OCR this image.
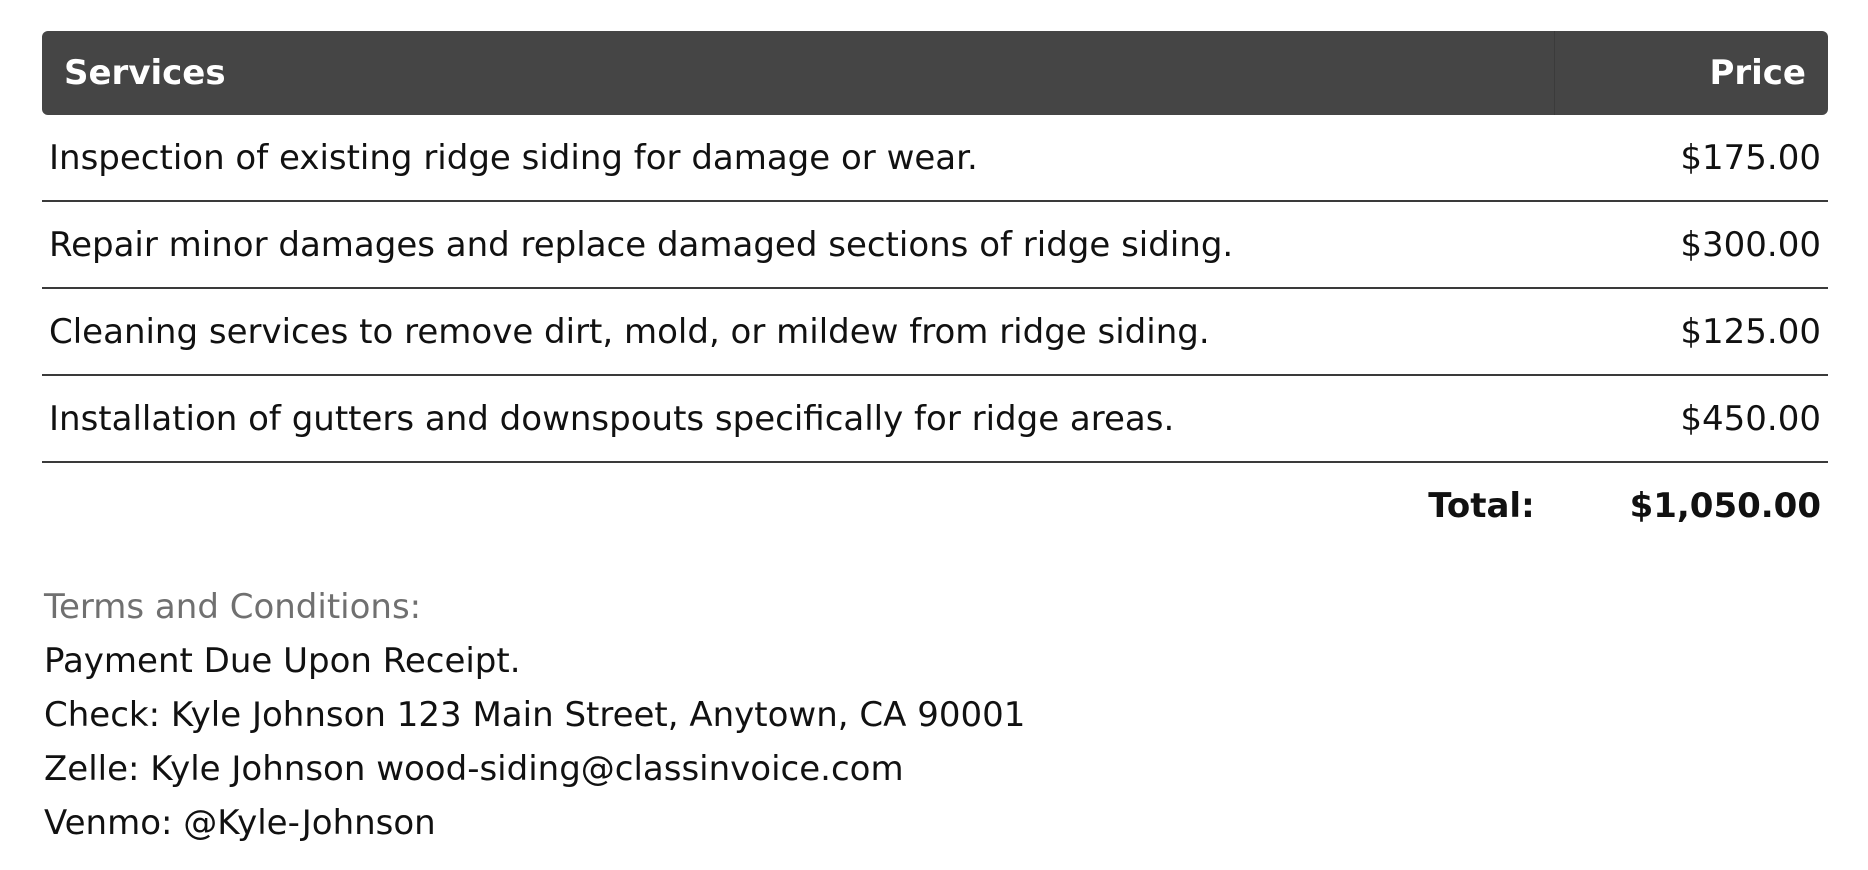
Services	Price
Inspection of existing ridge siding for damage or wear.	$175.00
Repair minor damages and replace damaged sections of ridge siding.	$300.00
Cleaning services to remove dirt, mold, or mildew from ridge siding.	$125.00
Installation of gutters and downspouts specifically for ridge areas.	$450.00
Total:	$1,050.00
Terms and Conditions:
Payment Due Upon Receipt.
Check: Kyle Johnson 123 Main Street, Anytown, CA 90001
Zelle: Kyle Johnson wood-siding@classinvoice.com
Venmo: @Kyle-Johnson
